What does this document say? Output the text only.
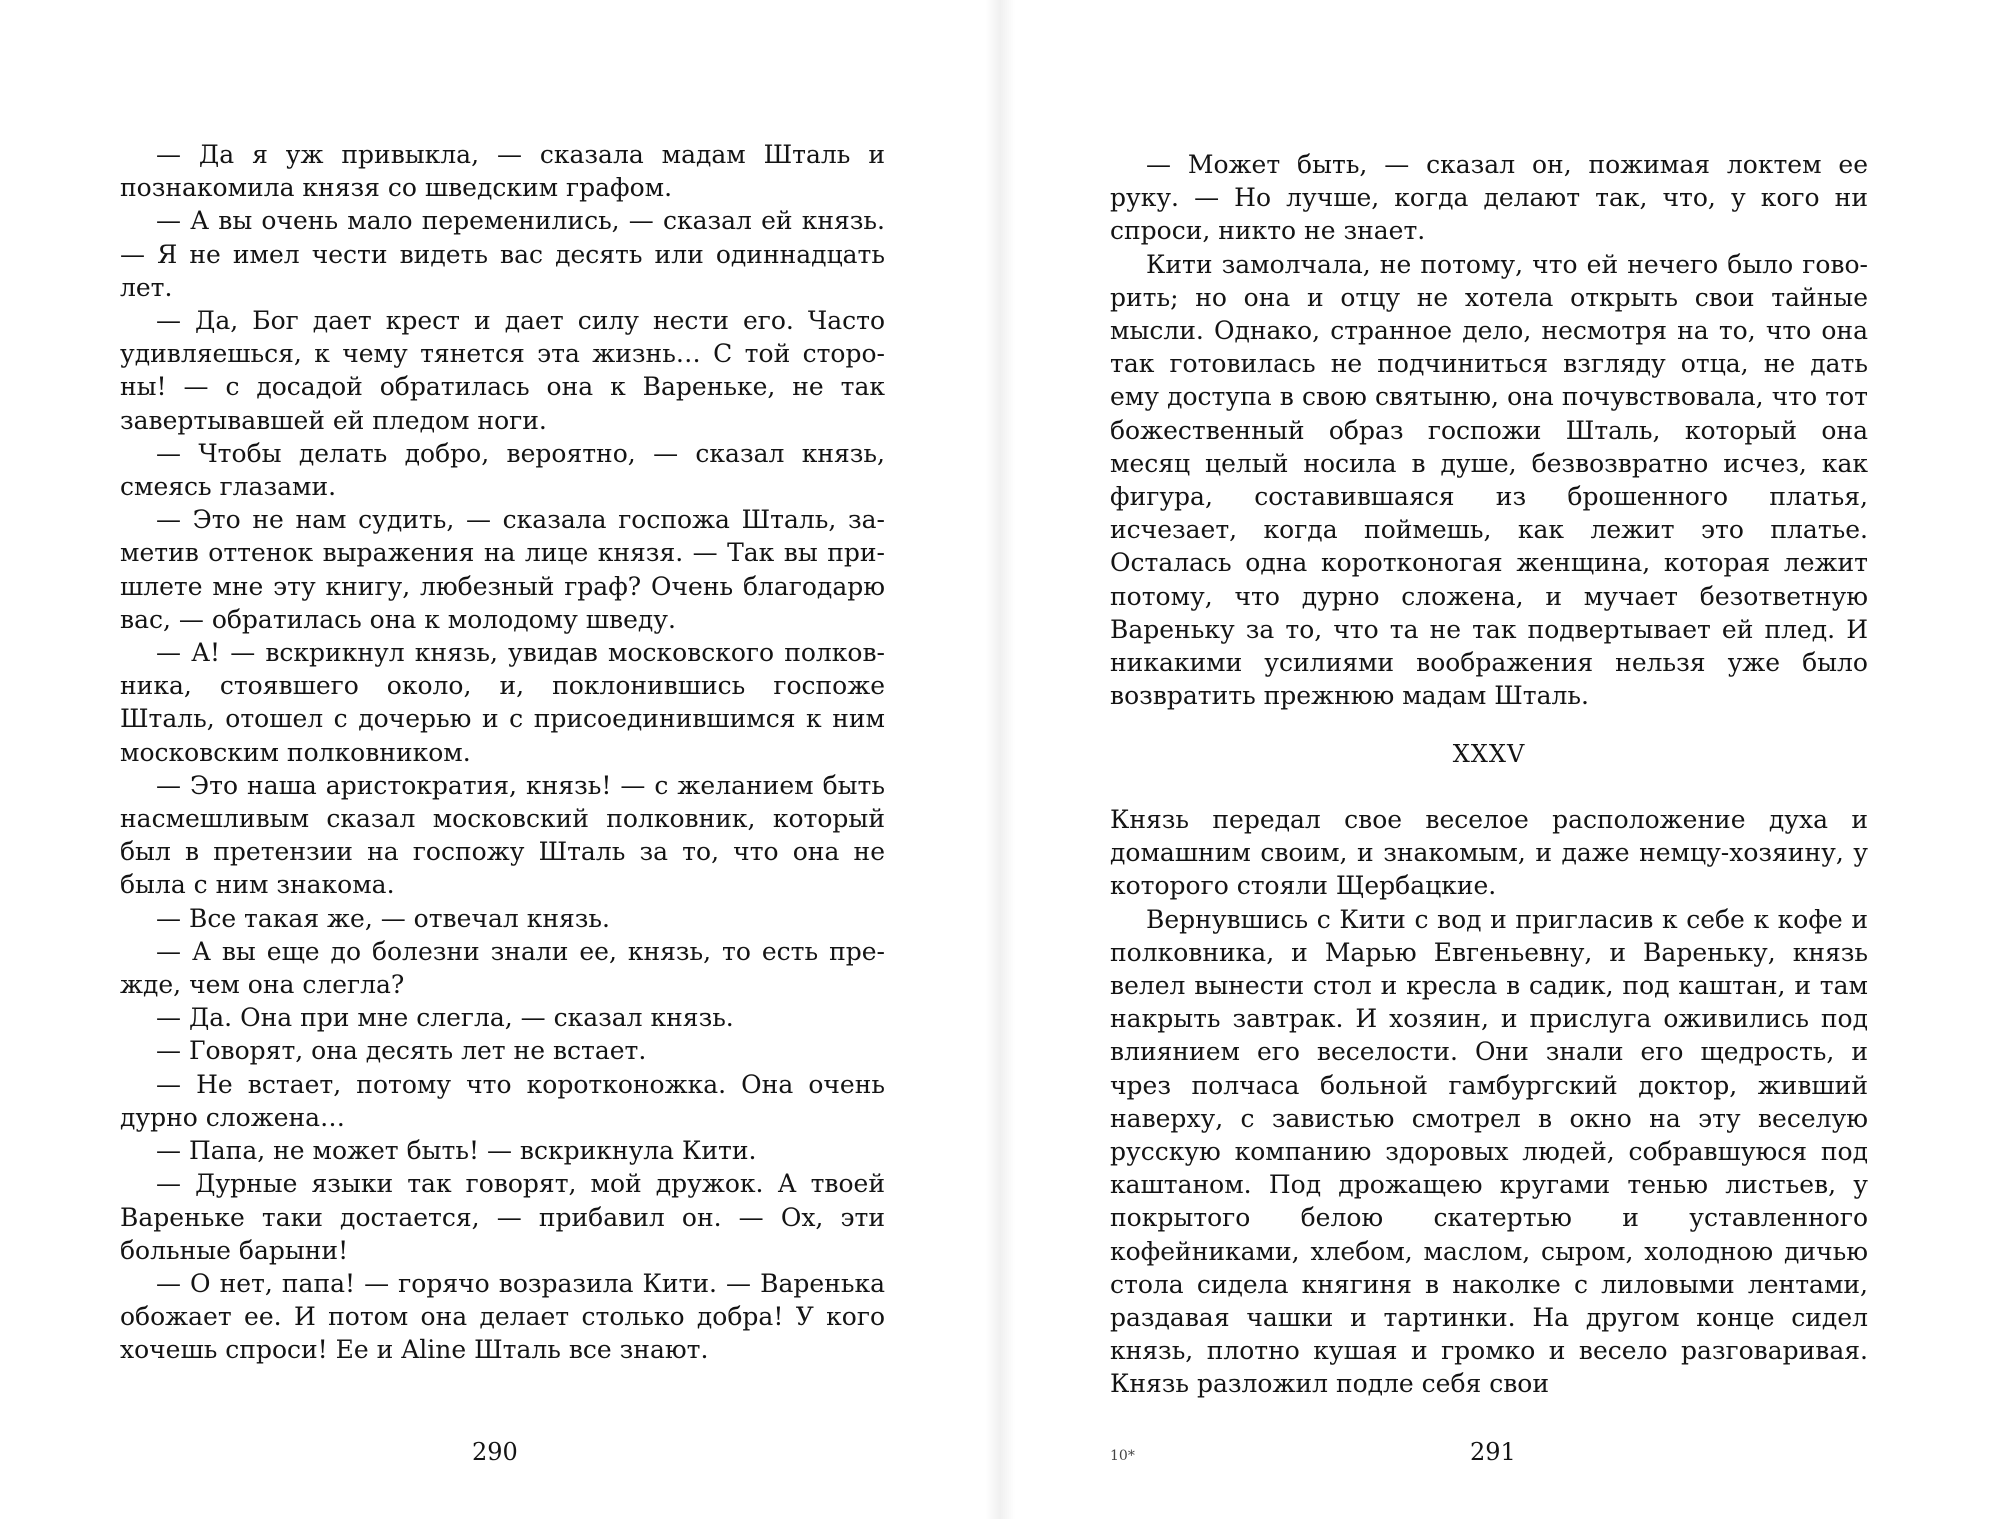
— Да я уж привыкла, — сказала мадам Шталь и познакомила князя со шведским графом.

— А вы очень мало переменились, — сказал ей князь. — Я не имел чести видеть вас десять или одиннадцать лет.

— Да, Бог дает крест и дает силу нести его. Часто удивляешься, к чему тянется эта жизнь… С той стороны! — с досадой обратилась она к Вареньке, не так завертывавшей ей пледом ноги.

— Чтобы делать добро, вероятно, — сказал князь, смеясь глазами.

— Это не нам судить, — сказала госпожа Шталь, заметив оттенок выражения на лице князя. — Так вы пришлете мне эту книгу, любезный граф? Очень благодарю вас, — обратилась она к молодому шведу.

— А! — вскрикнул князь, увидав московского полковника, стоявшего около, и, поклонившись госпоже Шталь, отошел с дочерью и с присоединившимся к ним московским полковником.

— Это наша аристократия, князь! — с желанием быть насмешливым сказал московский полковник, который был в претензии на госпожу Шталь за то, что она не была с ним знакома.

— Все такая же, — отвечал князь.

— А вы еще до болезни знали ее, князь, то есть прежде, чем она слегла?

— Да. Она при мне слегла, — сказал князь.

— Говорят, она десять лет не встает.

— Не встает, потому что коротконожка. Она очень дурно сложена…

— Папа, не может быть! — вскрикнула Кити.

— Дурные языки так говорят, мой дружок. А твоей Вареньке таки достается, — прибавил он. — Ох, эти больные барыни!

— О нет, папа! — горячо возразила Кити. — Варенька обожает ее. И потом она делает столько добра! У кого хочешь спроси! Ее и Aline Шталь все знают.

290

— Может быть, — сказал он, пожимая локтем ее руку. — Но лучше, когда делают так, что, у кого ни спроси, никто не знает.

Кити замолчала, не потому, что ей нечего было говорить; но она и отцу не хотела открыть свои тайные мысли. Однако, странное дело, несмотря на то, что она так готовилась не подчиниться взгляду отца, не дать ему доступа в свою святыню, она почувствовала, что тот божественный образ госпожи Шталь, который она месяц целый носила в душе, безвозвратно исчез, как фигура, составившаяся из брошенного платья, исчезает, когда поймешь, как лежит это платье. Осталась одна коротконогая женщина, которая лежит потому, что дурно сложена, и мучает безответную Вареньку за то, что та не так подвертывает ей плед. И никакими усилиями воображения нельзя уже было возвратить прежнюю мадам Шталь.

XXXV

Князь передал свое веселое расположение духа и домашним своим, и знакомым, и даже немцу-хозяину, у которого стояли Щербацкие.

Вернувшись с Кити с вод и пригласив к себе к кофе и полковника, и Марью Евгеньевну, и Вареньку, князь велел вынести стол и кресла в садик, под каштан, и там накрыть завтрак. И хозяин, и прислуга оживились под влиянием его веселости. Они знали его щедрость, и чрез полчаса больной гамбургский доктор, живший наверху, с завистью смотрел в окно на эту веселую русскую компанию здоровых людей, собравшуюся под каштаном. Под дрожащею кругами тенью листьев, у покрытого белою скатертью и уставленного кофейниками, хлебом, маслом, сыром, холодною дичью стола сидела княгиня в наколке с лиловыми лентами, раздавая чашки и тартинки. На другом конце сидел князь, плотно кушая и громко и весело разговаривая. Князь разложил подле себя свои

10*	291
